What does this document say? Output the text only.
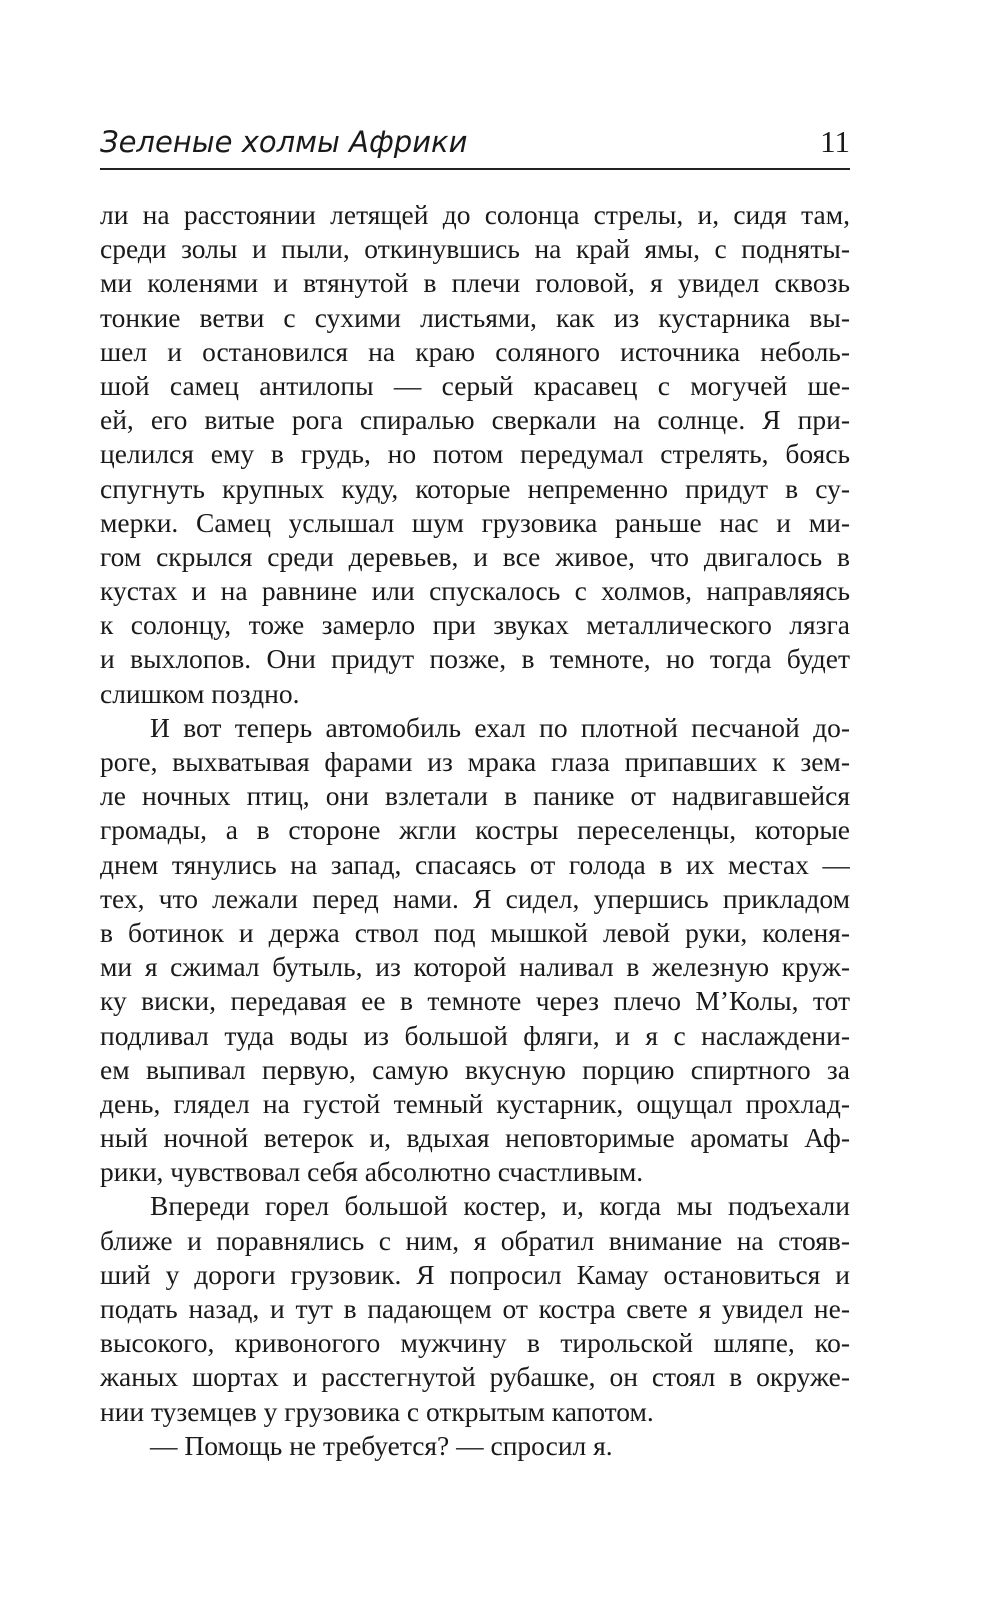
Зеленые холмы Африки	11
ли на расстоянии летящей до солонца стрелы, и, сидя там,
среди золы и пыли, откинувшись на край ямы, с подняты-
ми коленями и втянутой в плечи головой, я увидел сквозь
тонкие ветви с сухими листьями, как из кустарника вы-
шел и остановился на краю соляного источника неболь-
шой самец антилопы — серый красавец с могучей ше-
ей, его витые рога спиралью сверкали на солнце. Я при-
целился ему в грудь, но потом передумал стрелять, боясь
спугнуть крупных куду, которые непременно придут в су-
мерки. Самец услышал шум грузовика раньше нас и ми-
гом скрылся среди деревьев, и все живое, что двигалось в
кустах и на равнине или спускалось с холмов, направляясь
к солонцу, тоже замерло при звуках металлического лязга
и выхлопов. Они придут позже, в темноте, но тогда будет
слишком поздно.
И вот теперь автомобиль ехал по плотной песчаной до-
роге, выхватывая фарами из мрака глаза припавших к зем-
ле ночных птиц, они взлетали в панике от надвигавшейся
громады, а в стороне жгли костры переселенцы, которые
днем тянулись на запад, спасаясь от голода в их местах —
тех, что лежали перед нами. Я сидел, упершись прикладом
в ботинок и держа ствол под мышкой левой руки, коленя-
ми я сжимал бутыль, из которой наливал в железную круж-
ку виски, передавая ее в темноте через плечо М’Колы, тот
подливал туда воды из большой фляги, и я с наслаждени-
ем выпивал первую, самую вкусную порцию спиртного за
день, глядел на густой темный кустарник, ощущал прохлад-
ный ночной ветерок и, вдыхая неповторимые ароматы Аф-
рики, чувствовал себя абсолютно счастливым.
Впереди горел большой костер, и, когда мы подъехали
ближе и поравнялись с ним, я обратил внимание на стояв-
ший у дороги грузовик. Я попросил Камау остановиться и
подать назад, и тут в падающем от костра свете я увидел не-
высокого, кривоногого мужчину в тирольской шляпе, ко-
жаных шортах и расстегнутой рубашке, он стоял в окруже-
нии туземцев у грузовика с открытым капотом.
— Помощь не требуется? — спросил я.
